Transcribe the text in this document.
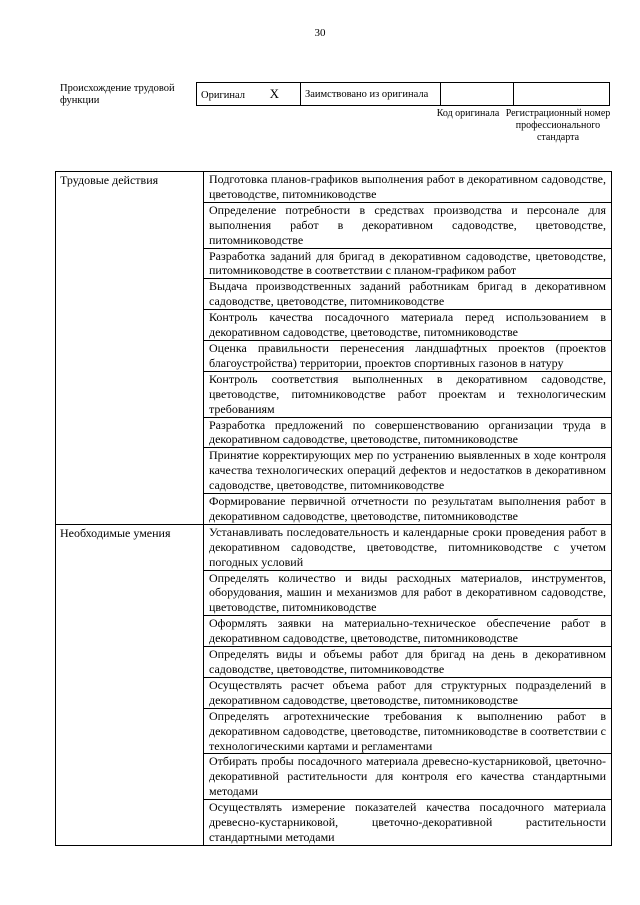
30
Происхождение трудовой функции	Оригинал X	Заимствовано из оригинала		
Код оригинала Регистрационный номер профессионального стандарта
Трудовые действия	Подготовка планов-графиков выполнения работ в декоративном садоводстве, цветоводстве, питомниководстве
	Определение потребности в средствах производства и персонале для выполнения работ в декоративном садоводстве, цветоводстве, питомниководстве
	Разработка заданий для бригад в декоративном садоводстве, цветоводстве, питомниководстве в соответствии с планом-графиком работ
	Выдача производственных заданий работникам бригад в декоративном садоводстве, цветоводстве, питомниководстве
	Контроль качества посадочного материала перед использованием в декоративном садоводстве, цветоводстве, питомниководстве
	Оценка правильности перенесения ландшафтных проектов (проектов благоустройства) территории, проектов спортивных газонов в натуру
	Контроль соответствия выполненных в декоративном садоводстве, цветоводстве, питомниководстве работ проектам и технологическим требованиям
	Разработка предложений по совершенствованию организации труда в декоративном садоводстве, цветоводстве, питомниководстве
	Принятие корректирующих мер по устранению выявленных в ходе контроля качества технологических операций дефектов и недостатков в декоративном садоводстве, цветоводстве, питомниководстве
	Формирование первичной отчетности по результатам выполнения работ в декоративном садоводстве, цветоводстве, питомниководстве
Необходимые умения	Устанавливать последовательность и календарные сроки проведения работ в декоративном садоводстве, цветоводстве, питомниководстве с учетом погодных условий
	Определять количество и виды расходных материалов, инструментов, оборудования, машин и механизмов для работ в декоративном садоводстве, цветоводстве, питомниководстве
	Оформлять заявки на материально-техническое обеспечение работ в декоративном садоводстве, цветоводстве, питомниководстве
	Определять виды и объемы работ для бригад на день в декоративном садоводстве, цветоводстве, питомниководстве
	Осуществлять расчет объема работ для структурных подразделений в декоративном садоводстве, цветоводстве, питомниководстве
	Определять агротехнические требования к выполнению работ в декоративном садоводстве, цветоводстве, питомниководстве в соответствии с технологическими картами и регламентами
	Отбирать пробы посадочного материала древесно-кустарниковой, цветочно-декоративной растительности для контроля его качества стандартными методами
	Осуществлять измерение показателей качества посадочного материала древесно-кустарниковой, цветочно-декоративной растительности стандартными методами
